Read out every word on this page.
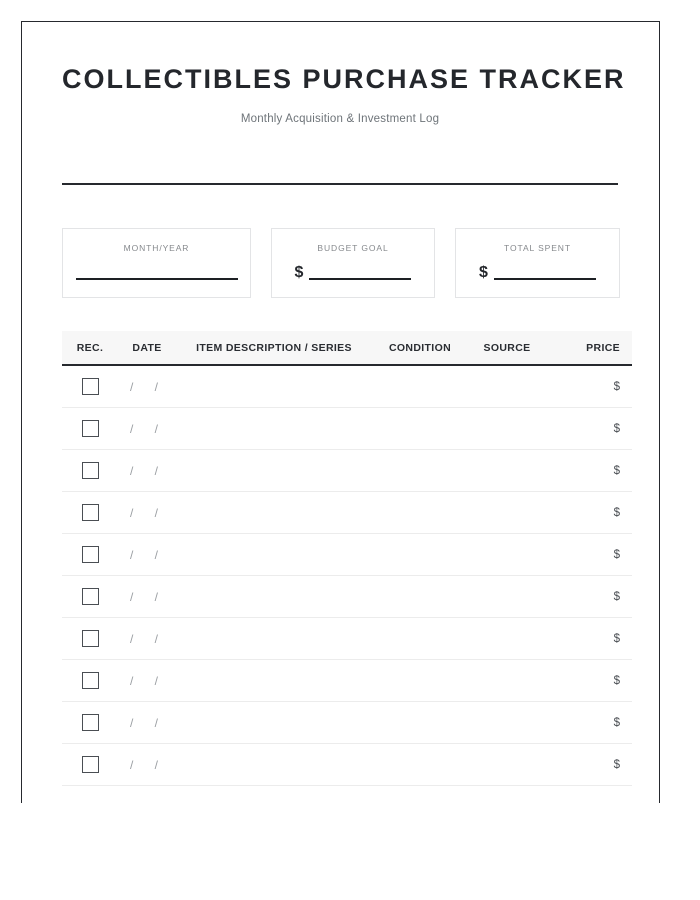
COLLECTIBLES PURCHASE TRACKER

Monthly Acquisition & Investment Log

MONTH/YEAR	BUDGET GOAL
$
TOTAL SPENT
$
REC.	DATE	ITEM DESCRIPTION / SERIES	CONDITION	SOURCE	PRICE
	/ /				$
	/ /				$
	/ /				$
	/ /				$
	/ /				$
	/ /				$
	/ /				$
	/ /				$
	/ /				$
	/ /				$
